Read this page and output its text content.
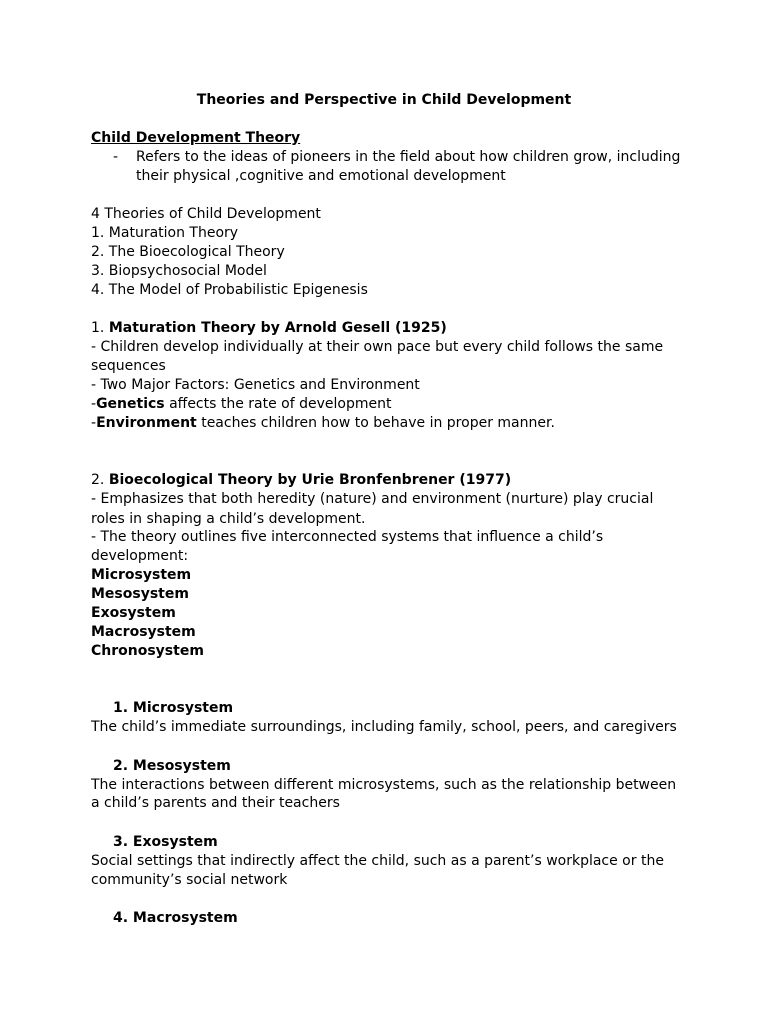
Theories and Perspective in Child Development
Child Development Theory
- Refers to the ideas of pioneers in the field about how children grow, including
their physical ,cognitive and emotional development
4 Theories of Child Development
1. Maturation Theory
2. The Bioecological Theory
3. Biopsychosocial Model
4. The Model of Probabilistic Epigenesis
1. Maturation Theory by Arnold Gesell (1925)
- Children develop individually at their own pace but every child follows the same
sequences
- Two Major Factors: Genetics and Environment
-Genetics affects the rate of development
-Environment teaches children how to behave in proper manner.
2. Bioecological Theory by Urie Bronfenbrener (1977)
- Emphasizes that both heredity (nature) and environment (nurture) play crucial
roles in shaping a child’s development.
- The theory outlines five interconnected systems that influence a child’s
development:
Microsystem
Mesosystem
Exosystem
Macrosystem
Chronosystem
1. Microsystem
The child’s immediate surroundings, including family, school, peers, and caregivers
2. Mesosystem
The interactions between different microsystems, such as the relationship between
a child’s parents and their teachers
3. Exosystem
Social settings that indirectly affect the child, such as a parent’s workplace or the
community’s social network
4. Macrosystem
